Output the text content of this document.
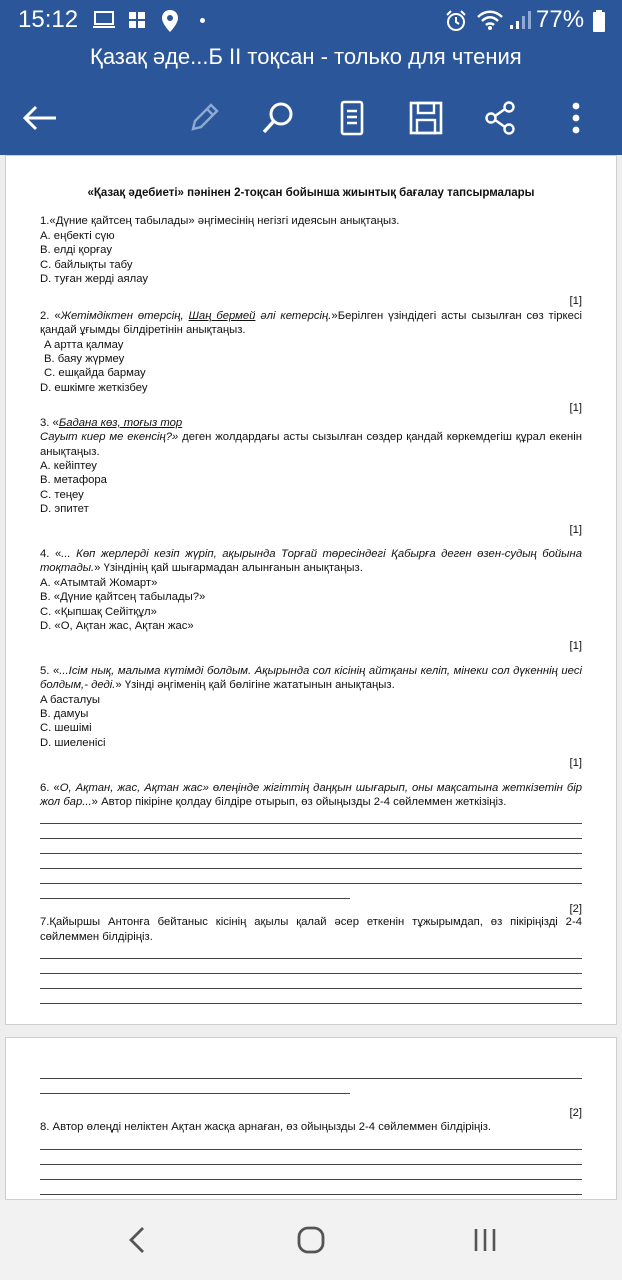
15:12	77%
Қазақ әде...Б II тоқсан - только для чтения

«Қазақ әдебиеті» пәнінен 2-тоқсан бойынша жиынтық бағалау тапсырмалары

1.«Дүние қайтсең табылады» әңгімесінің негізгі идеясын анықтаңыз.

A. еңбекті сүю

B. елді қорғау

C. байлықты табу

D. туған жерді аялау

[1]

2. «Жетімдіктен өтерсің, Шаң бермей әлі кетерсің.»Берілген үзіндідегі асты сызылған сөз тіркесі қандай ұғымды білдіретінін анықтаңыз.

A артта қалмау

B. баяу жүрмеу

C. ешқайда бармау

D. ешкімге жеткізбеу

[1]

3. «Бадана көз, тоғыз тор

Сауыт киер ме екенсің?» деген жолдардағы асты сызылған сөздер қандай көркемдегіш құрал екенін анықтаңыз.

A. кейіптеу

B. метафора

C. теңеу

D. эпитет

[1]

4. «... Көп жерлерді кезіп жүріп, ақырында Торғай төресіндегі Қабырға деген өзен-судың бойына тоқтады.» Үзіндінің қай шығармадан алынғанын анықтаңыз.

A. «Атымтай Жомарт»

B. «Дүние қайтсең табылады?»

C. «Қыпшақ Сейітқұл»

D. «О, Ақтан жас, Ақтан жас»

[1]

5. «...Ісім нық, малыма күтімді болдым. Ақырында сол кісінің айтқаны келіп, мінеки сол дүкеннің иесі болдым,- деді.» Үзінді әңгіменің қай бөлігіне жататынын анықтаңыз.

A бастaлуы

B. дамуы

C. шешімі

D. шиеленісі

[1]

6. «О, Ақтан, жас, Ақтан жас» өлеңінде жігіттің даңқын шығарып, оны мақсатына жеткізетін бір жол бар...» Автор пікіріне қолдау білдіре отырып, өз ойыңызды 2-4 сөйлеммен жеткізіңіз.

[2]

7.Қайыршы Антонға бейтаныс кісінің ақылы қалай әсер еткенін тұжырымдап, өз пікіріңізді 2-4 сөйлеммен білдіріңіз.

[2]

8. Автор өлеңді неліктен Ақтан жасқа арнаған, өз ойыңызды 2-4 сөйлеммен білдіріңіз.
